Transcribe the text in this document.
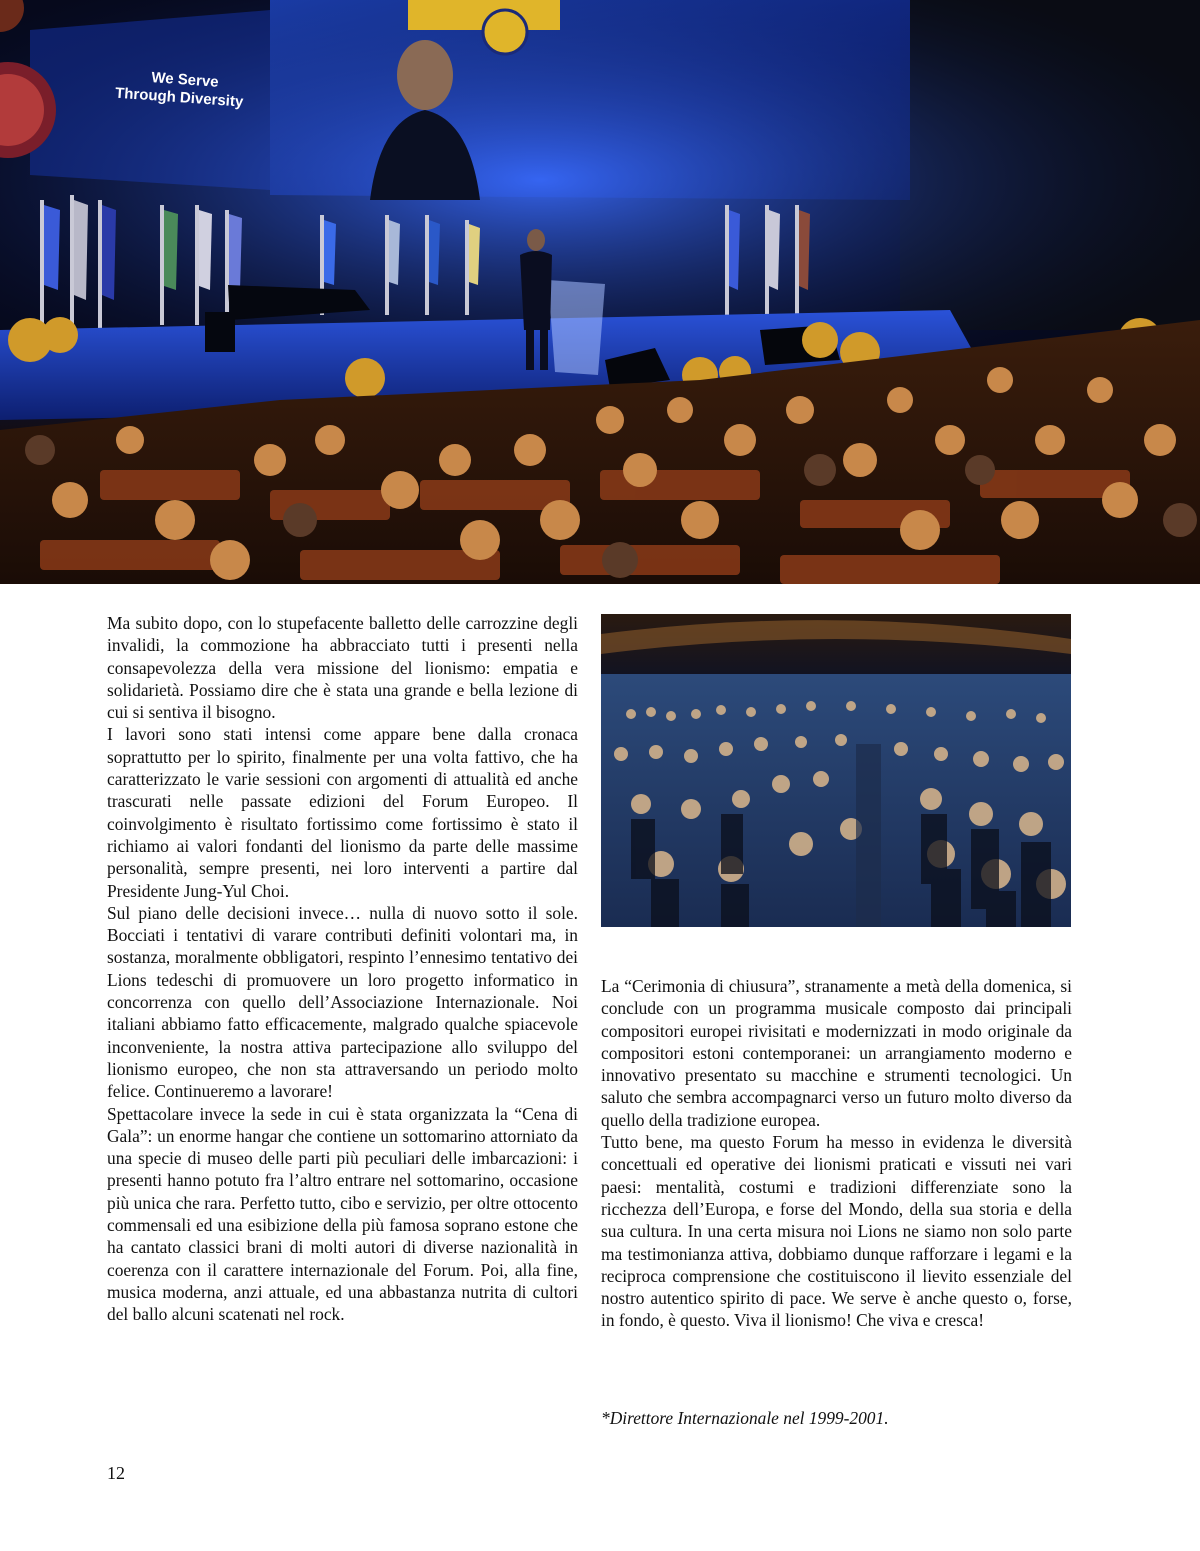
We Serve
Through Diversity

Ma subito dopo, con lo stupefacente balletto delle carrozzine degli invalidi, la commozione ha abbracciato tutti i presenti nella consapevolezza della vera missione del lionismo: empatia e solidarietà. Possiamo dire che è stata una grande e bella lezione di cui si sentiva il bisogno.

I lavori sono stati intensi come appare bene dalla cronaca soprattutto per lo spirito, finalmente per una volta fattivo, che ha caratterizzato le varie sessioni con argomenti di attualità ed anche trascurati nelle passate edizioni del Forum Europeo. Il coinvolgimento è risultato fortissimo come fortissimo è stato il richiamo ai valori fondanti del lionismo da parte delle massime personalità, sempre presenti, nei loro interventi a partire dal Presidente Jung-Yul Choi.

Sul piano delle decisioni invece… nulla di nuovo sotto il sole. Bocciati i tentativi di varare contributi definiti volontari ma, in sostanza, moralmente obbligatori, respinto l’ennesimo tentativo dei Lions tedeschi di promuovere un loro progetto informatico in concorrenza con quello dell’Associazione Internazionale. Noi italiani abbiamo fatto efficacemente, malgrado qualche spiacevole inconveniente, la nostra attiva partecipazione allo sviluppo del lionismo europeo, che non sta attraversando un periodo molto felice. Continueremo a lavorare!

Spettacolare invece la sede in cui è stata organizzata la “Cena di Gala”: un enorme hangar che contiene un sottomarino attorniato da una specie di museo delle parti più peculiari delle imbarcazioni: i presenti hanno potuto fra l’altro entrare nel sottomarino, occasione più unica che rara. Perfetto tutto, cibo e servizio, per oltre ottocento commensali ed una esibizione della più famosa soprano estone che ha cantato classici brani di molti autori di diverse nazionalità in coerenza con il carattere internazionale del Forum. Poi, alla fine, musica moderna, anzi attuale, ed una abbastanza nutrita di cultori del ballo alcuni scatenati nel rock.

La “Cerimonia di chiusura”, stranamente a metà della domenica, si conclude con un programma musicale composto dai principali compositori europei rivisitati e modernizzati in modo originale da compositori estoni contemporanei: un arrangiamento moderno e innovativo presentato su macchine e strumenti tecnologici. Un saluto che sembra accompagnarci verso un futuro molto diverso da quello della tradizione europea.

Tutto bene, ma questo Forum ha messo in evidenza le diversità concettuali ed operative dei lionismi praticati e vissuti nei vari paesi: mentalità, costumi e tradizioni differenziate sono la ricchezza dell’Europa, e forse del Mondo, della sua storia e della sua cultura. In una certa misura noi Lions ne siamo non solo parte ma testimonianza attiva, dobbiamo dunque rafforzare i legami e la reciproca comprensione che costituiscono il lievito essenziale del nostro autentico spirito di pace. We serve è anche questo o, forse, in fondo, è questo. Viva il lionismo! Che viva e cresca!

*Direttore Internazionale nel 1999-2001.
12
